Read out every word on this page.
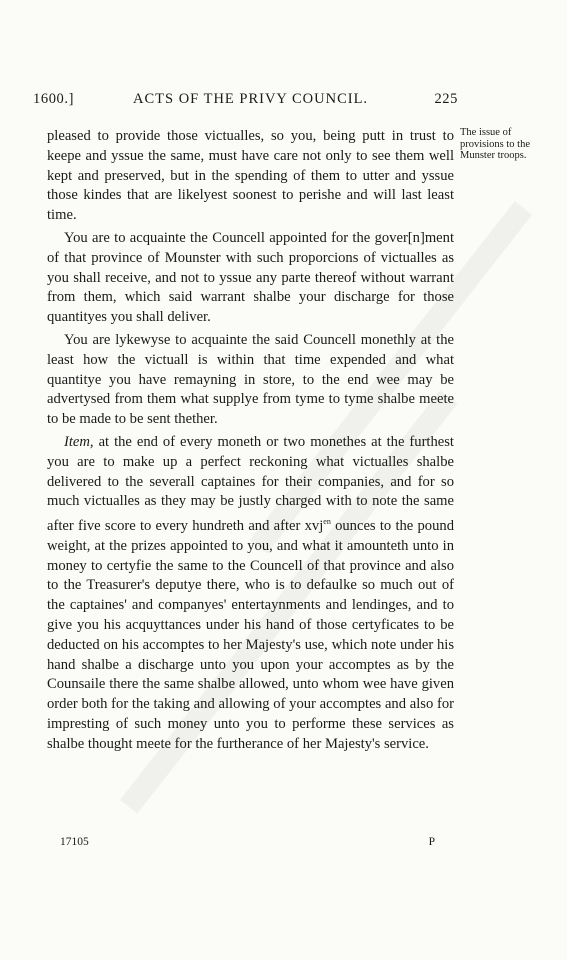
1600.]	ACTS OF THE PRIVY COUNCIL.	225
The issue of provisions to the Munster troops.

pleased to provide those victualles, so you, being putt in trust to keepe and yssue the same, must have care not only to see them well kept and preserved, but in the spending of them to utter and yssue those kindes that are likelyest soonest to perishe and will last least time.

You are to acquainte the Councell appointed for the gover[n]ment of that province of Mounster with such proporcions of victualles as you shall receive, and not to yssue any parte thereof without warrant from them, which said warrant shalbe your discharge for those quantityes you shall deliver.

You are lykewyse to acquainte the said Councell monethly at the least how the victuall is within that time expended and what quantitye you have remayning in store, to the end wee may be advertysed from them what supplye from tyme to tyme shalbe meete to be made to be sent thether.

Item, at the end of every moneth or two monethes at the furthest you are to make up a perfect reckoning what victualles shalbe delivered to the severall captaines for their companies, and for so much victualles as they may be justly charged with to note the same after five score to every hundreth and after xvj$^{en}$ ounces to the pound weight, at the prizes appointed to you, and what it amounteth unto in money to certyfie the same to the Councell of that province and also to the Treasurer's deputye there, who is to defaulke so much out of the captaines' and companyes' entertaynments and lendinges, and to give you his acquyttances under his hand of those certyficates to be deducted on his accomptes to her Majesty's use, which note under his hand shalbe a discharge unto you upon your accomptes as by the Counsaile there the same shalbe allowed, unto whom wee have given order both for the taking and allowing of your accomptes and also for impresting of such money unto you to performe these services as shalbe thought meete for the furtherance of her Majesty's service.

17105	P
